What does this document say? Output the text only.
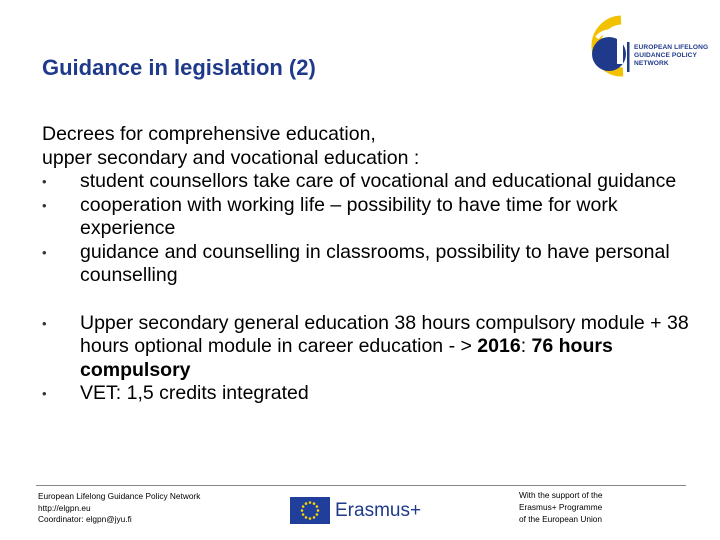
Guidance in legislation (2)
EUROPEAN LIFELONG
GUIDANCE POLICY
NETWORK

Decrees for comprehensive education,

upper secondary and vocational education :

• student counsellors take care of vocational and educational guidance
• cooperation with working life – possibility to have time for work experience
• guidance and counselling in classrooms, possibility to have personal counselling
• Upper secondary general education 38 hours compulsory module + 38 hours optional module in career education - > 2016: 76 hours compulsory
• VET: 1,5 credits integrated
European Lifelong Guidance Policy Network
http://elgpn.eu
Coordinator: elgpn@jyu.fi	Erasmus+
With the support of the
Erasmus+ Programme
of the European Union
